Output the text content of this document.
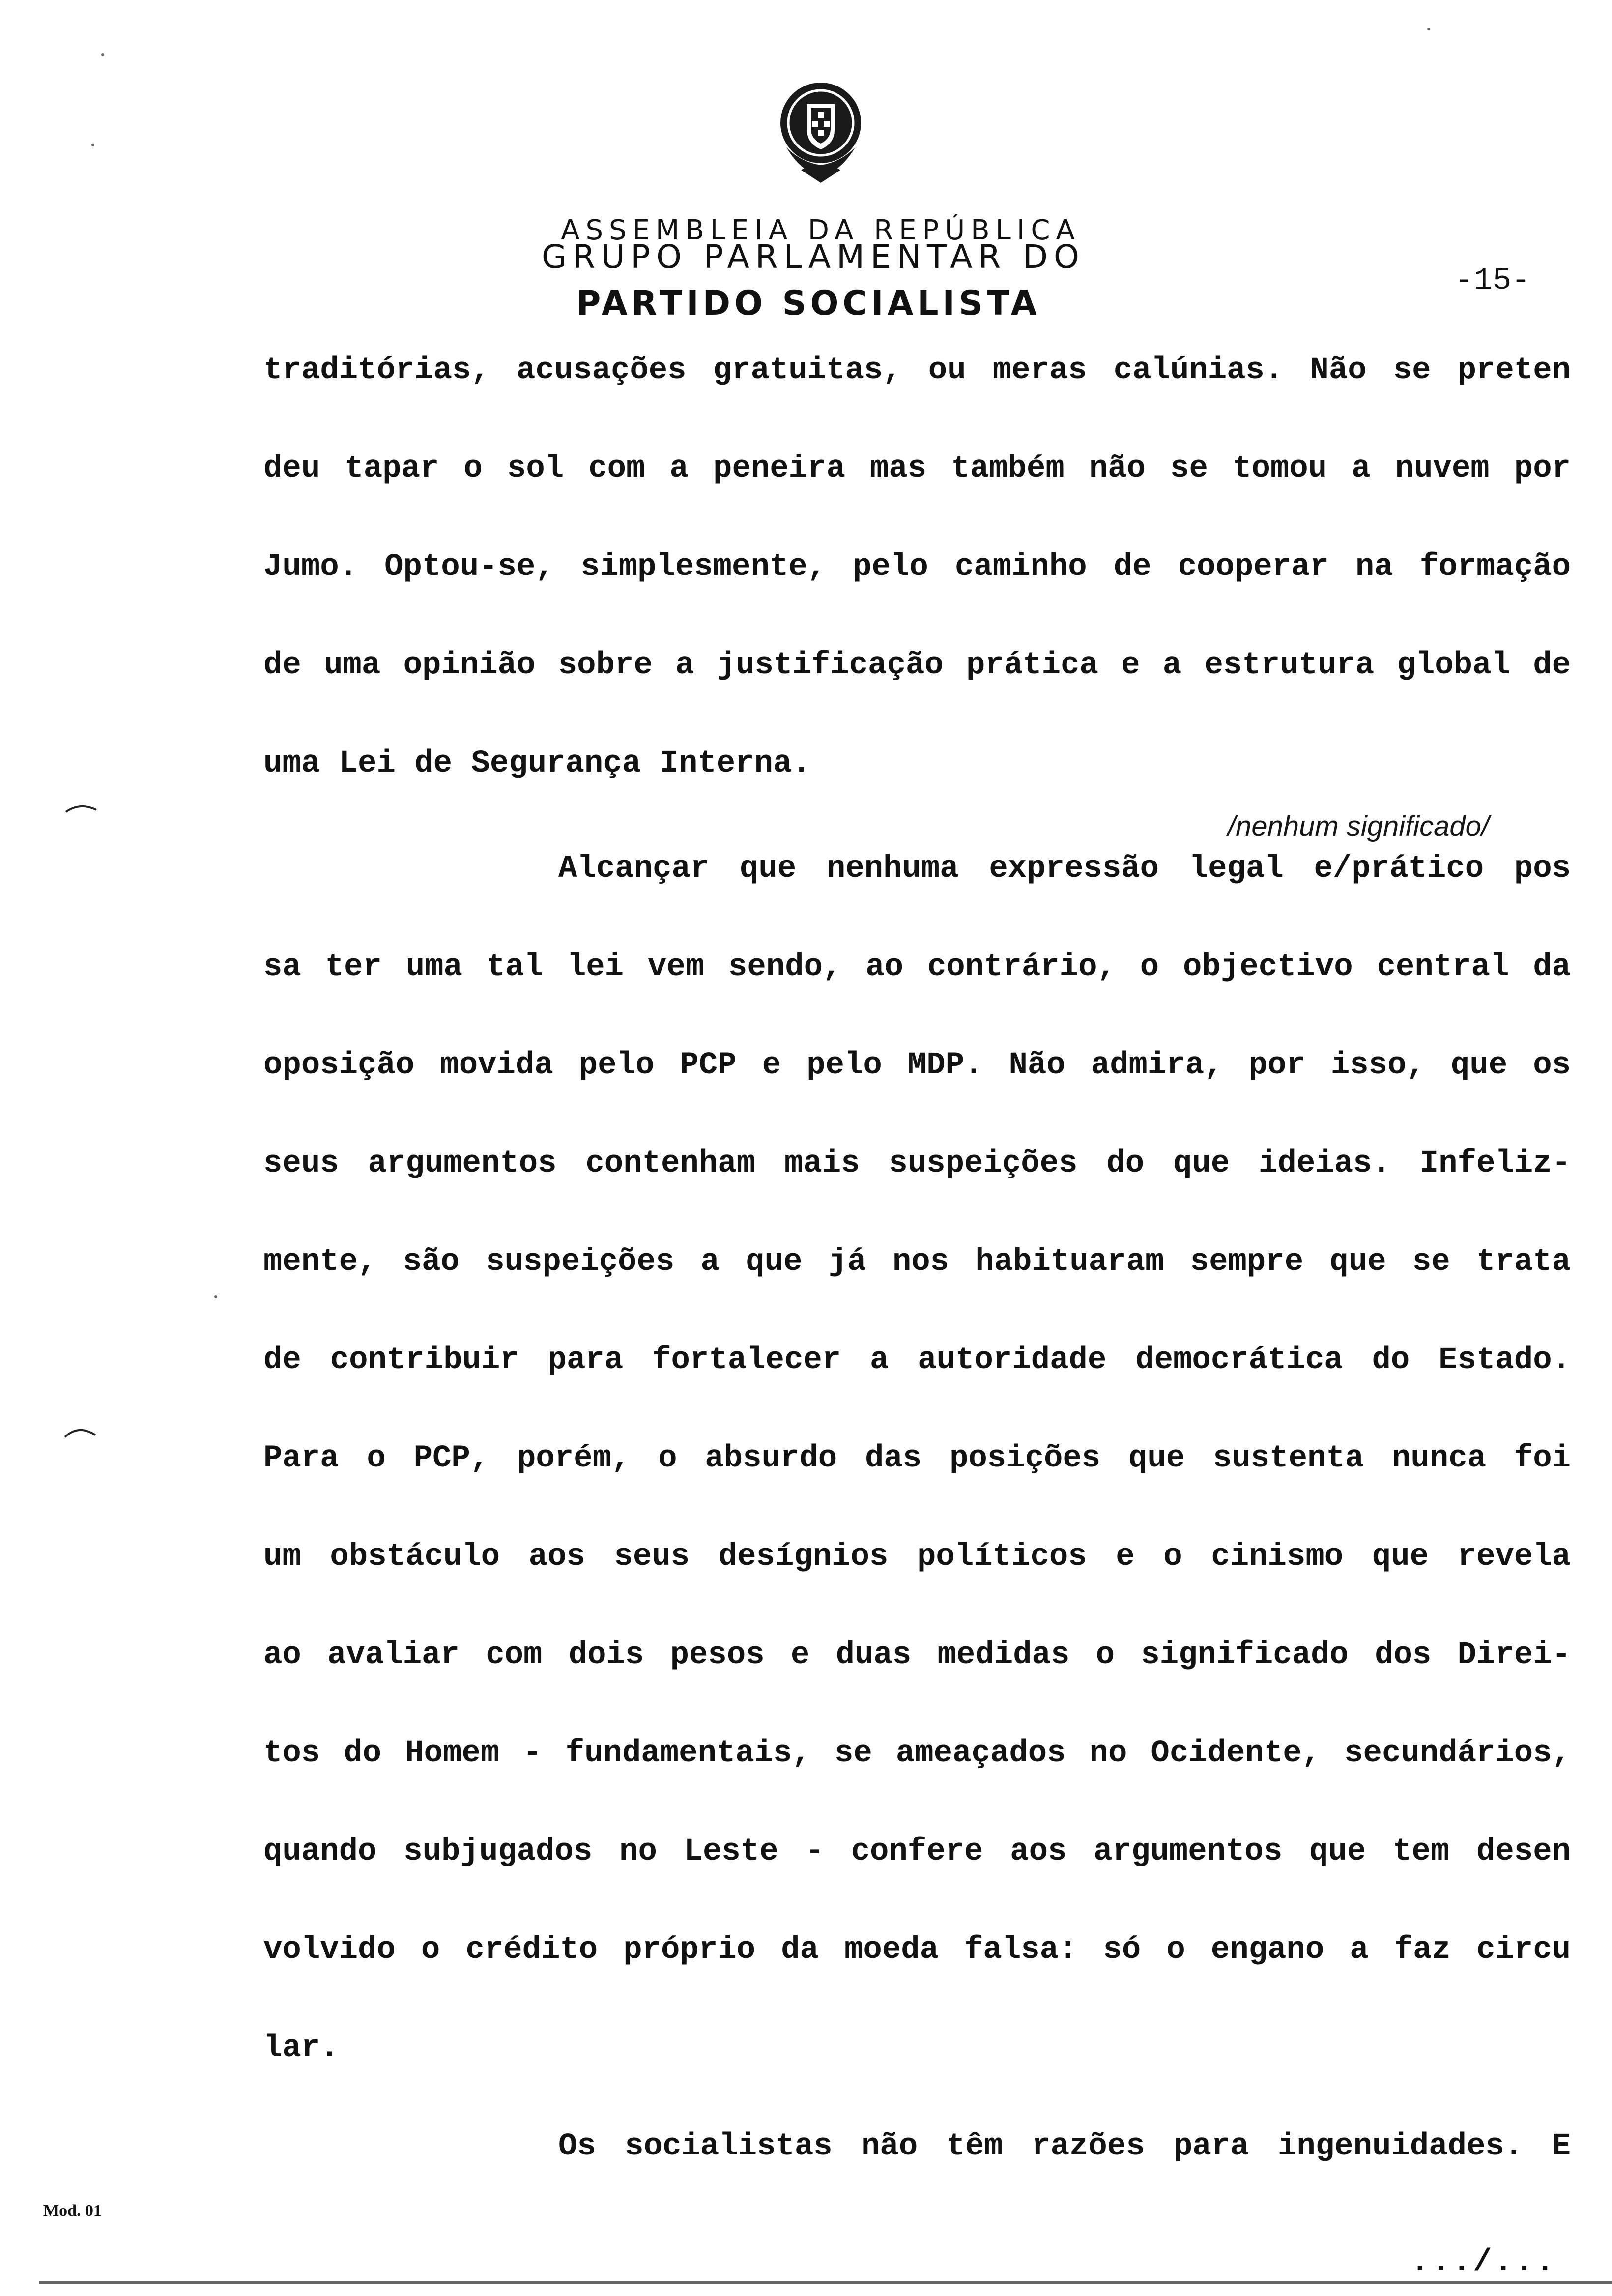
ASSEMBLEIA DA REPÚBLICA
GRUPO PARLAMENTAR DO
PARTIDO SOCIALISTA
-15-
traditórias, acusações gratuitas, ou meras calúnias. Não se preten
deu tapar o sol com a peneira mas também não se tomou a nuvem por
Jumo. Optou-se, simplesmente, pelo caminho de cooperar na formação
de uma opinião sobre a justificação prática e a estrutura global de
uma Lei de Segurança Interna.
/nenhum significado/
Alcançar que nenhuma expressão legal e/prático pos
sa ter uma tal lei vem sendo, ao contrário, o objectivo central da
oposição movida pelo PCP e pelo MDP. Não admira, por isso, que os
seus argumentos contenham mais suspeições do que ideias. Infeliz-
mente, são suspeições a que já nos habituaram sempre que se trata
de contribuir para fortalecer a autoridade democrática do Estado.
Para o PCP, porém, o absurdo das posições que sustenta nunca foi
um obstáculo aos seus desígnios políticos e o cinismo que revela
ao avaliar com dois pesos e duas medidas o significado dos Direi-
tos do Homem - fundamentais, se ameaçados no Ocidente, secundários,
quando subjugados no Leste - confere aos argumentos que tem desen
volvido o crédito próprio da moeda falsa: só o engano a faz circu
lar.
Os socialistas não têm razões para ingenuidades. E
Mod. 01
.../...
